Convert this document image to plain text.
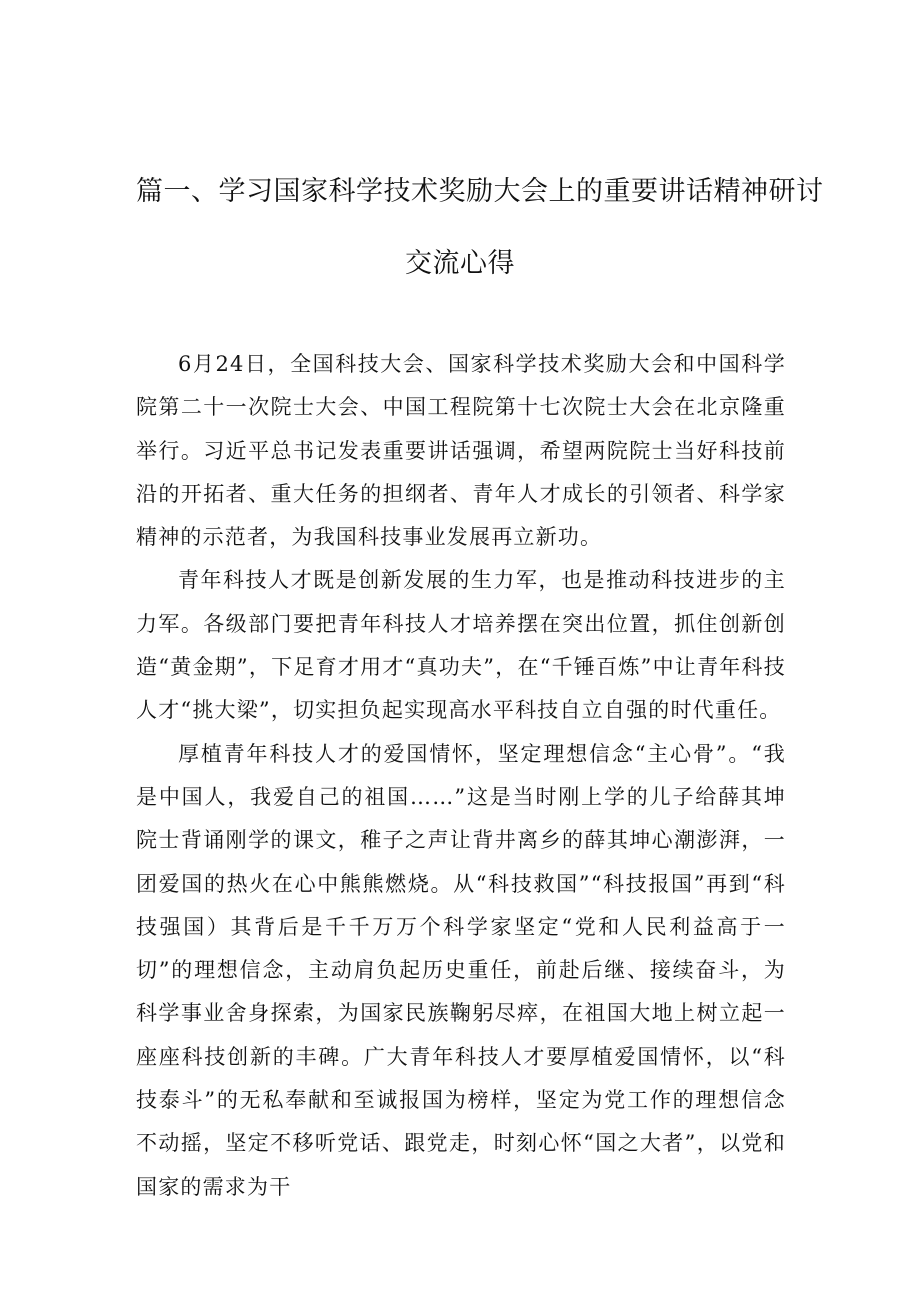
篇一、学习国家科学技术奖励大会上的重要讲话精神研讨
交流心得

6月24日，全国科技大会、国家科学技术奖励大会和中国科学院第二十一次院士大会、中国工程院第十七次院士大会在北京隆重举行。习近平总书记发表重要讲话强调，希望两院院士当好科技前沿的开拓者、重大任务的担纲者、青年人才成长的引领者、科学家精神的示范者，为我国科技事业发展再立新功。

青年科技人才既是创新发展的生力军，也是推动科技进步的主力军。各级部门要把青年科技人才培养摆在突出位置，抓住创新创造“黄金期”，下足育才用才“真功夫”，在“千锤百炼”中让青年科技人才“挑大梁”，切实担负起实现高水平科技自立自强的时代重任。

厚植青年科技人才的爱国情怀，坚定理想信念“主心骨”。“我是中国人，我爱自己的祖国……”这是当时刚上学的儿子给薛其坤院士背诵刚学的课文，稚子之声让背井离乡的薛其坤心潮澎湃，一团爱国的热火在心中熊熊燃烧。从“科技救国”“科技报国”再到“科技强国）其背后是千千万万个科学家坚定“党和人民利益高于一切”的理想信念，主动肩负起历史重任，前赴后继、接续奋斗，为科学事业舍身探索，为国家民族鞠躬尽瘁，在祖国大地上树立起一座座科技创新的丰碑。广大青年科技人才要厚植爱国情怀，以“科技泰斗”的无私奉献和至诚报国为榜样，坚定为党工作的理想信念不动摇，坚定不移听党话、跟党走，时刻心怀“国之大者”，以党和国家的需求为干
